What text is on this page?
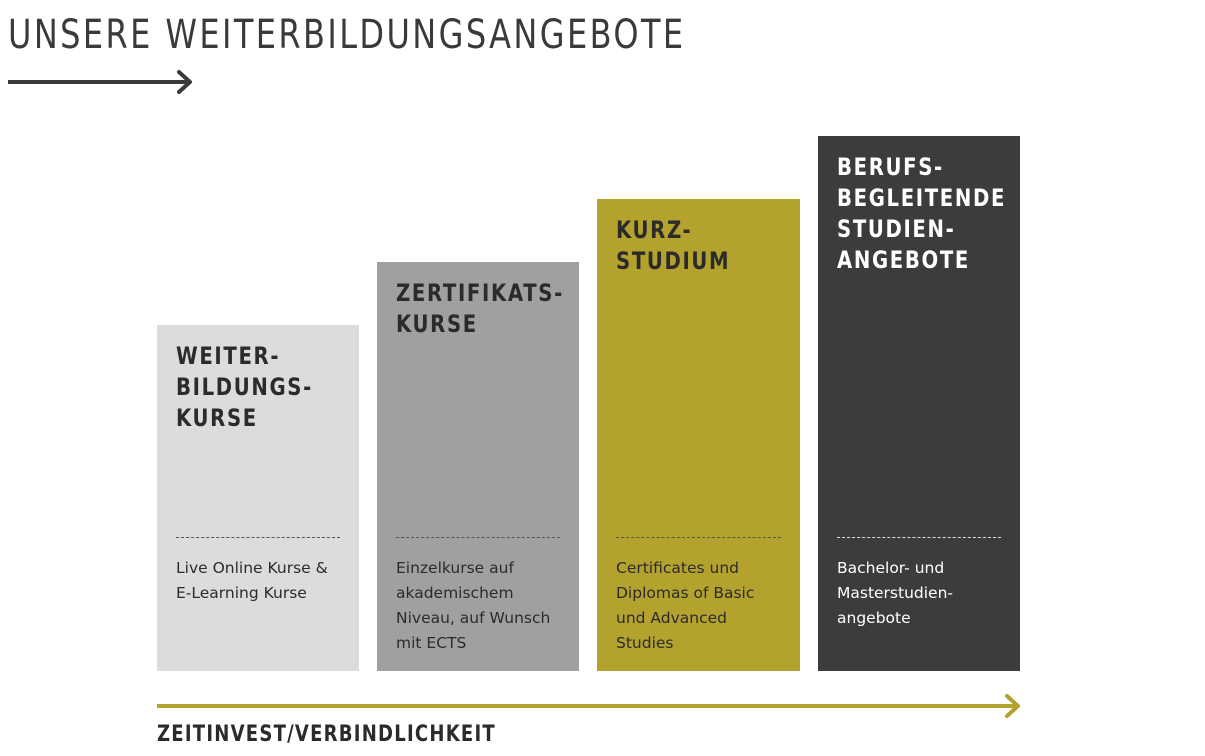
UNSERE WEITERBILDUNGSANGEBOTE
WEITER-
BILDUNGS-
KURSE

Live Online Kurse &
E-Learning Kurse

ZERTIFIKATS-
KURSE

Einzelkurse auf
akademischem
Niveau, auf Wunsch
mit ECTS

KURZ-
STUDIUM

Certificates und
Diplomas of Basic
und Advanced
Studies

BERUFS-
BEGLEITENDE
STUDIEN-
ANGEBOTE

Bachelor- und
Masterstudien-
angebote

ZEITINVEST/VERBINDLICHKEIT
